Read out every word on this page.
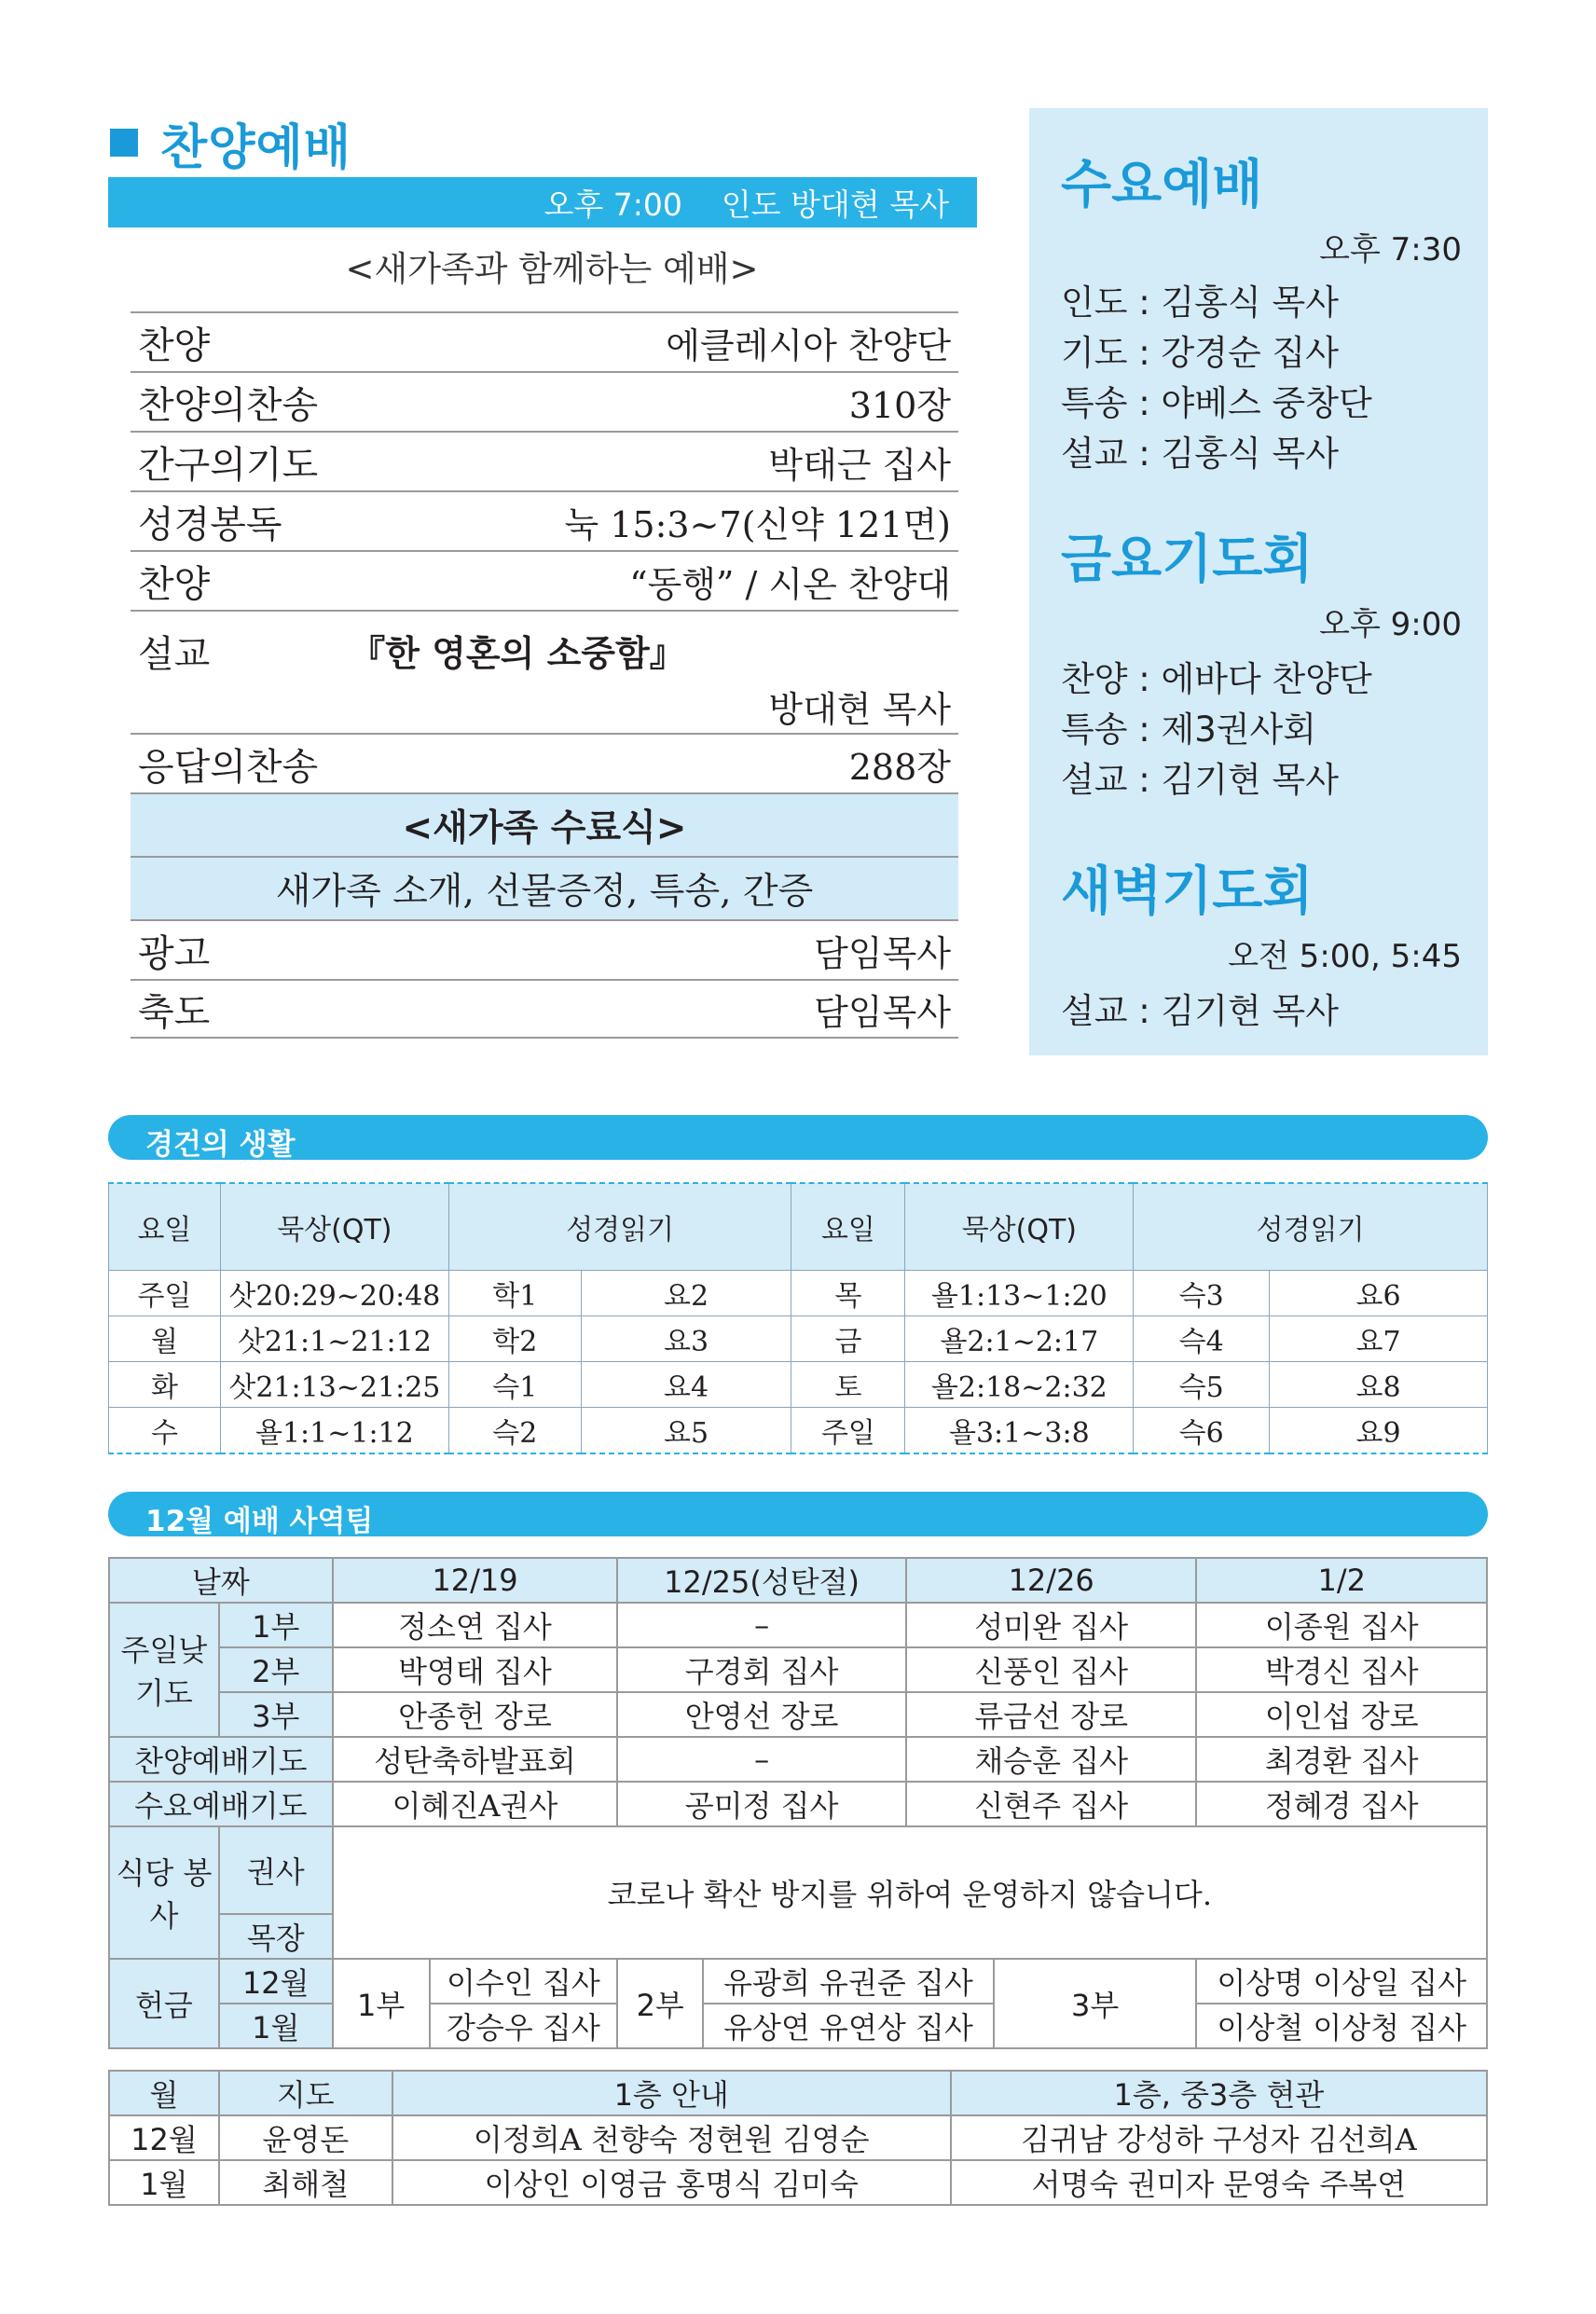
찬양예배
오후 7:00 인도 방대현 목사
<새가족과 함께하는 예배>
찬양	에클레시아 찬양단
찬양의찬송	310장
간구의기도	박태근 집사
성경봉독	눅 15:3~7(신약 121면)
찬양	“동행” / 시온 찬양대
설교	『한 영혼의 소중함』
방대현 목사
응답의찬송	288장
<새가족 수료식>
새가족 소개, 선물증정, 특송, 간증
광고	담임목사
축도	담임목사
수요예배
오후 7:30
인도 : 김홍식 목사
기도 : 강경순 집사
특송 : 야베스 중창단
설교 : 김홍식 목사
금요기도회
오후 9:00
찬양 : 에바다 찬양단
특송 : 제3권사회
설교 : 김기현 목사
새벽기도회
오전 5:00, 5:45
설교 : 김기현 목사
경건의 생활
요일	묵상(QT)	성경읽기		요일	묵상(QT)	성경읽기	
주일	삿20:29~20:48	학1	요2	목	욜1:13~1:20	슥3	요6
월	삿21:1~21:12	학2	요3	금	욜2:1~2:17	슥4	요7
화	삿21:13~21:25	슥1	요4	토	욜2:18~2:32	슥5	요8
수	욜1:1~1:12	슥2	요5	주일	욜3:1~3:8	슥6	요9
12월 예배 사역팀
날짜		12/19		12/25(성탄절)		12/26		1/2
주일낮 기도	1부	정소연 집사		–		성미완 집사		이종원 집사
	2부	박영태 집사		구경회 집사		신풍인 집사		박경신 집사
	3부	안종헌 장로		안영선 장로		류금선 장로		이인섭 장로
찬양예배기도		성탄축하발표회		–		채승훈 집사		최경환 집사
수요예배기도		이혜진A권사		공미정 집사		신현주 집사		정혜경 집사
식당 봉사	권사	코로나 확산 방지를 위하여 운영하지 않습니다.						
	목장							
헌금	12월	1부	이수인 집사	2부	유광희 유권준 집사		3부	이상명 이상일 집사
	1월		강승우 집사		유상연 유연상 집사			이상철 이상청 집사
월	지도	1층 안내	1층, 중3층 현관
12월	윤영돈	이정희A 천향숙 정현원 김영순	김귀남 강성하 구성자 김선희A
1월	최해철	이상인 이영금 홍명식 김미숙	서명숙 권미자 문영숙 주복연
